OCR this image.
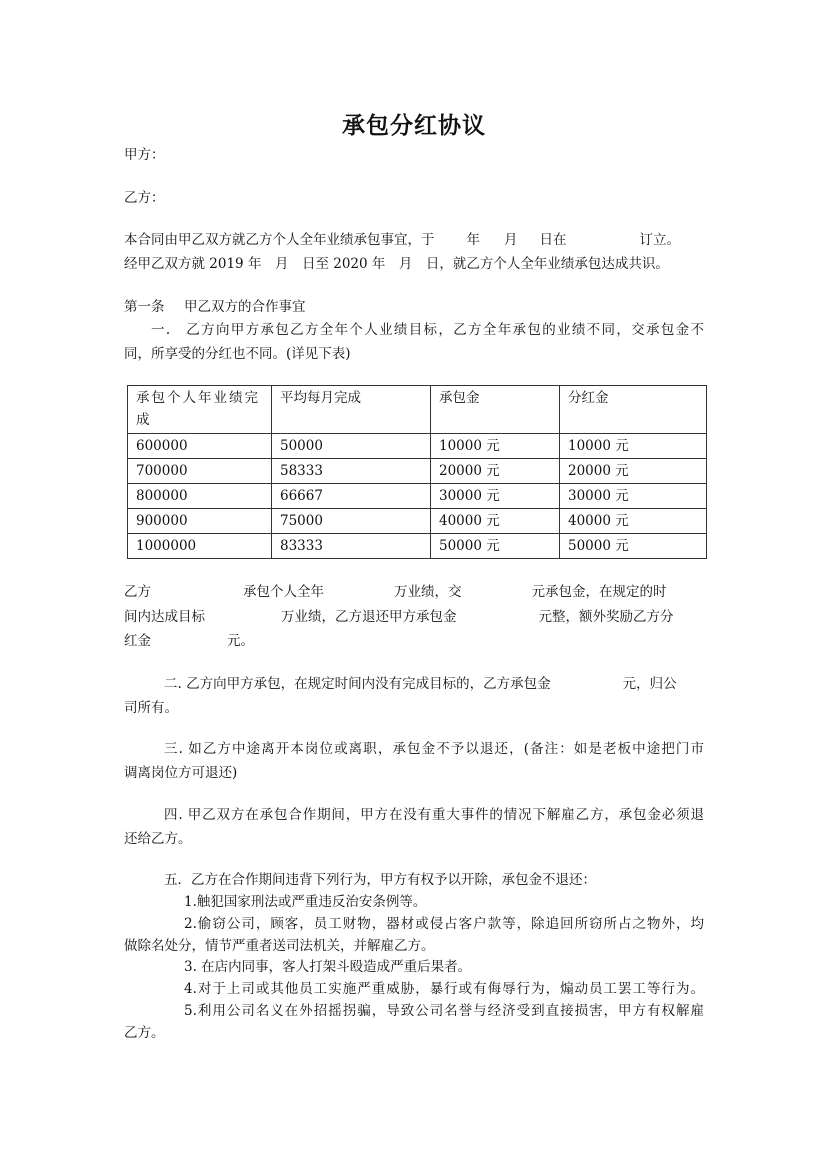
承包分红协议
甲方：
乙方：
本合同由甲乙双方就乙方个人全年业绩承包事宜，于 年 月 日在	订立。
经甲乙双方就 2019 年　月　日至 2020 年　月　日，就乙方个人全年业绩承包达成共识。
第一条 甲乙双方的合作事宜
一.　乙方向甲方承包乙方全年个人业绩目标，乙方全年承包的业绩不同，交承包金不
同，所享受的分红也不同。(详见下表)
承包个人年业绩完成	平均每月完成	承包金	分红金
600000	50000	10000 元	10000 元
700000	58333	20000 元	20000 元
800000	66667	30000 元	30000 元
900000	75000	40000 元	40000 元
1000000	83333	50000 元	50000 元
乙方	承包个人全年	万业绩，交	元承包金，在规定的时
间内达成目标	万业绩，乙方退还甲方承包金	元整，额外奖励乙方分
红金	元。
二. 乙方向甲方承包，在规定时间内没有完成目标的，乙方承包金	元，归公
司所有。
三. 如乙方中途离开本岗位或离职，承包金不予以退还，(备注：如是老板中途把门市
调离岗位方可退还)
四. 甲乙双方在承包合作期间，甲方在没有重大事件的情况下解雇乙方，承包金必须退
还给乙方。
五．乙方在合作期间违背下列行为，甲方有权予以开除，承包金不退还：
1.触犯国家刑法或严重违反治安条例等。
2.偷窃公司，顾客，员工财物，器材或侵占客户款等，除追回所窃所占之物外，均
做除名处分，情节严重者送司法机关，并解雇乙方。
3. 在店内同事，客人打架斗殴造成严重后果者。
4.对于上司或其他员工实施严重威胁，暴行或有侮辱行为，煽动员工罢工等行为。
5.利用公司名义在外招摇拐骗，导致公司名誉与经济受到直接损害，甲方有权解雇
乙方。
